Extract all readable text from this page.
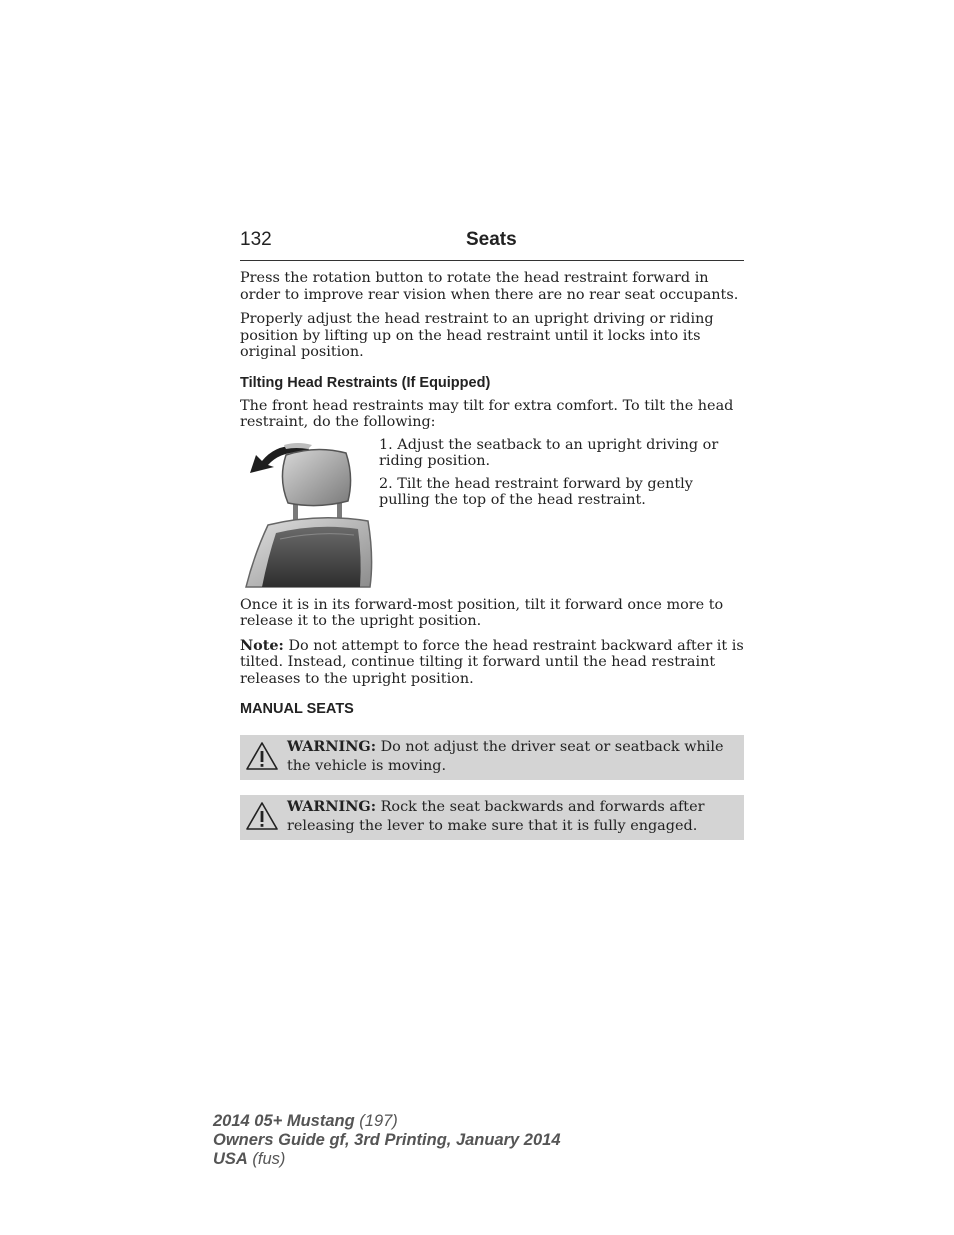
132	Seats

Press the rotation button to rotate the head restraint forward in order to improve rear vision when there are no rear seat occupants.

Properly adjust the head restraint to an upright driving or riding position by lifting up on the head restraint until it locks into its original position.

Tilting Head Restraints (If Equipped)

The front head restraints may tilt for extra comfort. To tilt the head restraint, do the following:

1. Adjust the seatback to an upright driving or riding position.

2. Tilt the head restraint forward by gently pulling the top of the head restraint.

Once it is in its forward-most position, tilt it forward once more to release it to the upright position.

Note: Do not attempt to force the head restraint backward after it is tilted. Instead, continue tilting it forward until the head restraint releases to the upright position.

MANUAL SEATS
WARNING: Do not adjust the driver seat or seatback while the vehicle is moving.
WARNING: Rock the seat backwards and forwards after releasing the lever to make sure that it is fully engaged.
2014 05+ Mustang (197)
Owners Guide gf, 3rd Printing, January 2014
USA (fus)
